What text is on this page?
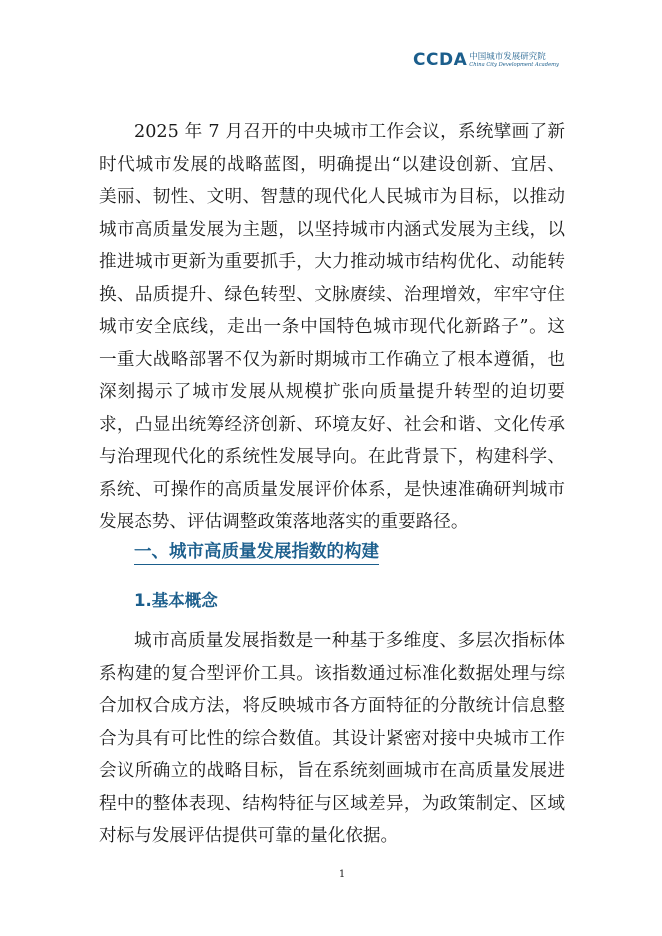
CCDA 中国城市发展研究院
China City Development Academy

2025 年 7 月召开的中央城市工作会议，系统擘画了新时代城市发展的战略蓝图，明确提出“以建设创新、宜居、美丽、韧性、文明、智慧的现代化人民城市为目标，以推动城市高质量发展为主题，以坚持城市内涵式发展为主线，以推进城市更新为重要抓手，大力推动城市结构优化、动能转换、品质提升、绿色转型、文脉赓续、治理增效，牢牢守住城市安全底线，走出一条中国特色城市现代化新路子”。这一重大战略部署不仅为新时期城市工作确立了根本遵循，也深刻揭示了城市发展从规模扩张向质量提升转型的迫切要求，凸显出统筹经济创新、环境友好、社会和谐、文化传承与治理现代化的系统性发展导向。在此背景下，构建科学、系统、可操作的高质量发展评价体系，是快速准确研判城市发展态势、评估调整政策落地落实的重要路径。

一、城市高质量发展指数的构建
1.基本概念

城市高质量发展指数是一种基于多维度、多层次指标体系构建的复合型评价工具。该指数通过标准化数据处理与综合加权合成方法，将反映城市各方面特征的分散统计信息整合为具有可比性的综合数值。其设计紧密对接中央城市工作会议所确立的战略目标，旨在系统刻画城市在高质量发展进程中的整体表现、结构特征与区域差异，为政策制定、区域对标与发展评估提供可靠的量化依据。

1
